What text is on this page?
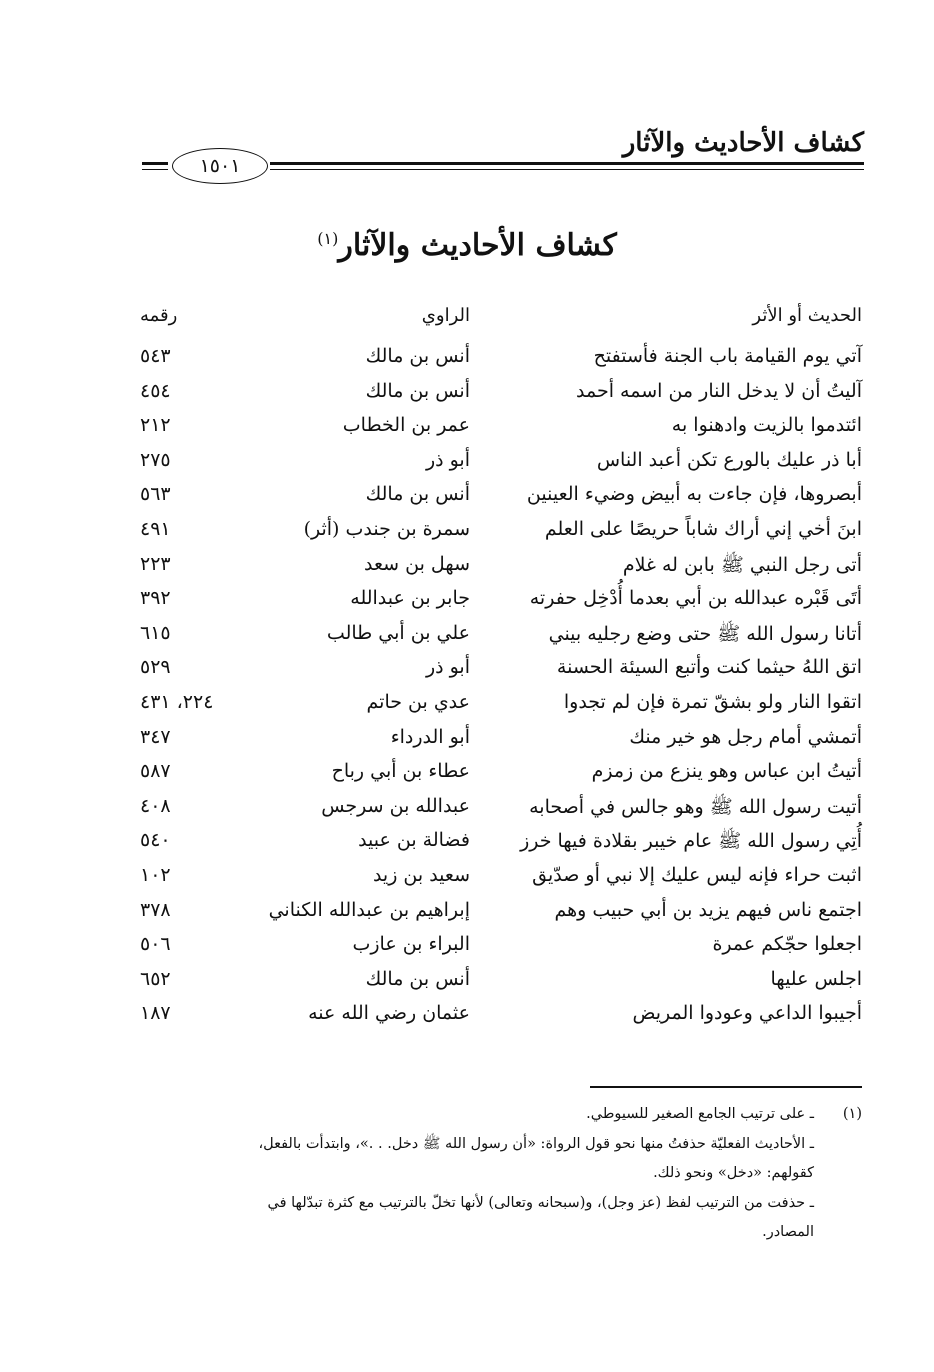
كشاف الأحاديث والآثار
١٥٠١
كشاف الأحاديث والآثار$^{(١)}$
الحديث أو الأثر
الراوي
رقمه
آتي يوم القيامة باب الجنة فأستفتح
أنس بن مالك
٥٤٣
آليتُ أن لا يدخل النار من اسمه أحمد
أنس بن مالك
٤٥٤
ائتدموا بالزيت وادهنوا به
عمر بن الخطاب
٢١٢
أبا ذر عليك بالورع تكن أعبد الناس
أبو ذر
٢٧٥
أبصروها، فإن جاءت به أبيض وضيء العينين
أنس بن مالك
٥٦٣
ابنَ أخي إني أراك شاباً حريصًا على العلم
سمرة بن جندب (أثر)
٤٩١
أتى رجل النبي ﷺ بابن له غلام
سهل بن سعد
٢٢٣
أتَى قَبْره عبدالله بن أبي بعدما أُدْخِل حفرته
جابر بن عبدالله
٣٩٢
أتانا رسول الله ﷺ حتى وضع رجليه بيني
علي بن أبي طالب
٦١٥
اتق اللهُ حيثما كنت وأتبع السيئة الحسنة
أبو ذر
٥٢٩
اتقوا النار ولو بشقّ تمرة فإن لم تجدوا
عدي بن حاتم
٢٢٤، ٤٣١
أتمشي أمام رجل هو خير منك
أبو الدرداء
٣٤٧
أتيتُ ابن عباس وهو ينزع من زمزم
عطاء بن أبي رباح
٥٨٧
أتيت رسول الله ﷺ وهو جالس في أصحابه
عبدالله بن سرجس
٤٠٨
أُتِي رسول الله ﷺ عام خيبر بقلادة فيها خرز
فضالة بن عبيد
٥٤٠
اثبت حراء فإنه ليس عليك إلا نبي أو صدّيق
سعيد بن زيد
١٠٢
اجتمع ناس فيهم يزيد بن أبي حبيب وهم
إبراهيم بن عبدالله الكناني
٣٧٨
اجعلوا حجّكم عمرة
البراء بن عازب
٥٠٦
اجلس عليها
أنس بن مالك
٦٥٢
أجيبوا الداعي وعودوا المريض
عثمان رضي الله عنه
١٨٧
(١)ـ على ترتيب الجامع الصغير للسيوطي.
ـ الأحاديث الفعليّة حذفتُ منها نحو قول الرواة: «أن رسول الله ﷺ دخل. . .»، وابتدأت بالفعل،
كقولهم: «دخل» ونحو ذلك.
ـ حذفت من الترتيب لفظ (عز وجل)، و(سبحانه وتعالى) لأنها تخلّ بالترتيب مع كثرة تبدّلها في
المصادر.
